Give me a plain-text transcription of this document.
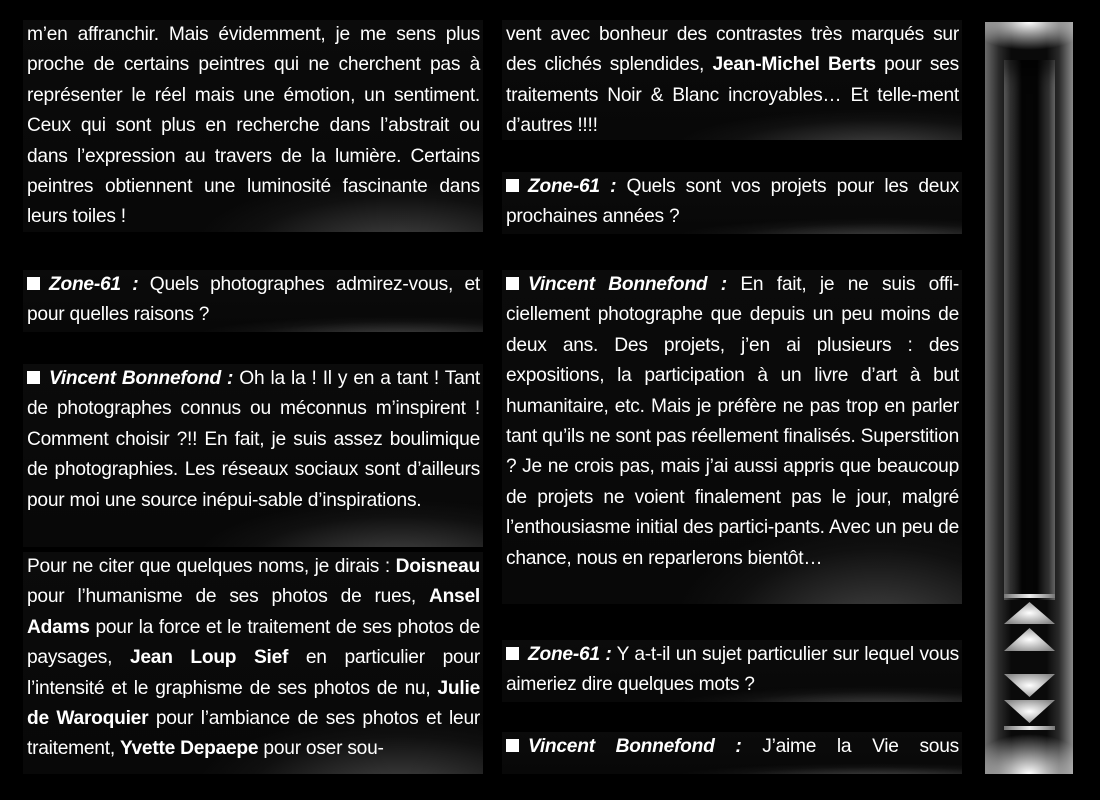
m’en affranchir. Mais évidemment, je me sens plus proche de certains peintres qui ne cherchent pas à représenter le réel mais une émotion, un sentiment. Ceux qui sont plus en recherche dans l’abstrait ou dans l’expression au travers de la lumière. Certains peintres obtiennent une luminosité fascinante dans leurs toiles !

Zone-61 : Quels photographes admirez-vous, et pour quelles raisons ?

Vincent Bonnefond : Oh la la ! Il y en a tant ! Tant de photographes connus ou méconnus m’inspirent ! Comment choisir ?!! En fait, je suis assez boulimique de photographies. Les réseaux sociaux sont d’ailleurs pour moi une source inépui-sable d’inspirations.

Pour ne citer que quelques noms, je dirais : Doisneau pour l’humanisme de ses photos de rues, Ansel Adams pour la force et le traitement de ses photos de paysages, Jean Loup Sief en particulier pour l’intensité et le graphisme de ses photos de nu, Julie de Waroquier pour l’ambiance de ses photos et leur traitement, Yvette Depaepe pour oser sou-

vent avec bonheur des contrastes très marqués sur des clichés splendides, Jean-Michel Berts pour ses traitements Noir & Blanc incroyables… Et telle-ment d’autres !!!!

Zone-61 : Quels sont vos projets pour les deux prochaines années ?

Vincent Bonnefond : En fait, je ne suis offi-ciellement photographe que depuis un peu moins de deux ans. Des projets, j’en ai plusieurs : des expositions, la participation à un livre d’art à but humanitaire, etc. Mais je préfère ne pas trop en parler tant qu’ils ne sont pas réellement finalisés. Superstition ? Je ne crois pas, mais j’ai aussi appris que beaucoup de projets ne voient finalement pas le jour, malgré l’enthousiasme initial des partici-pants. Avec un peu de chance, nous en reparlerons bientôt…

Zone-61 : Y a-t-il un sujet particulier sur lequel vous aimeriez dire quelques mots ?

Vincent Bonnefond : J’aime la Vie sous
